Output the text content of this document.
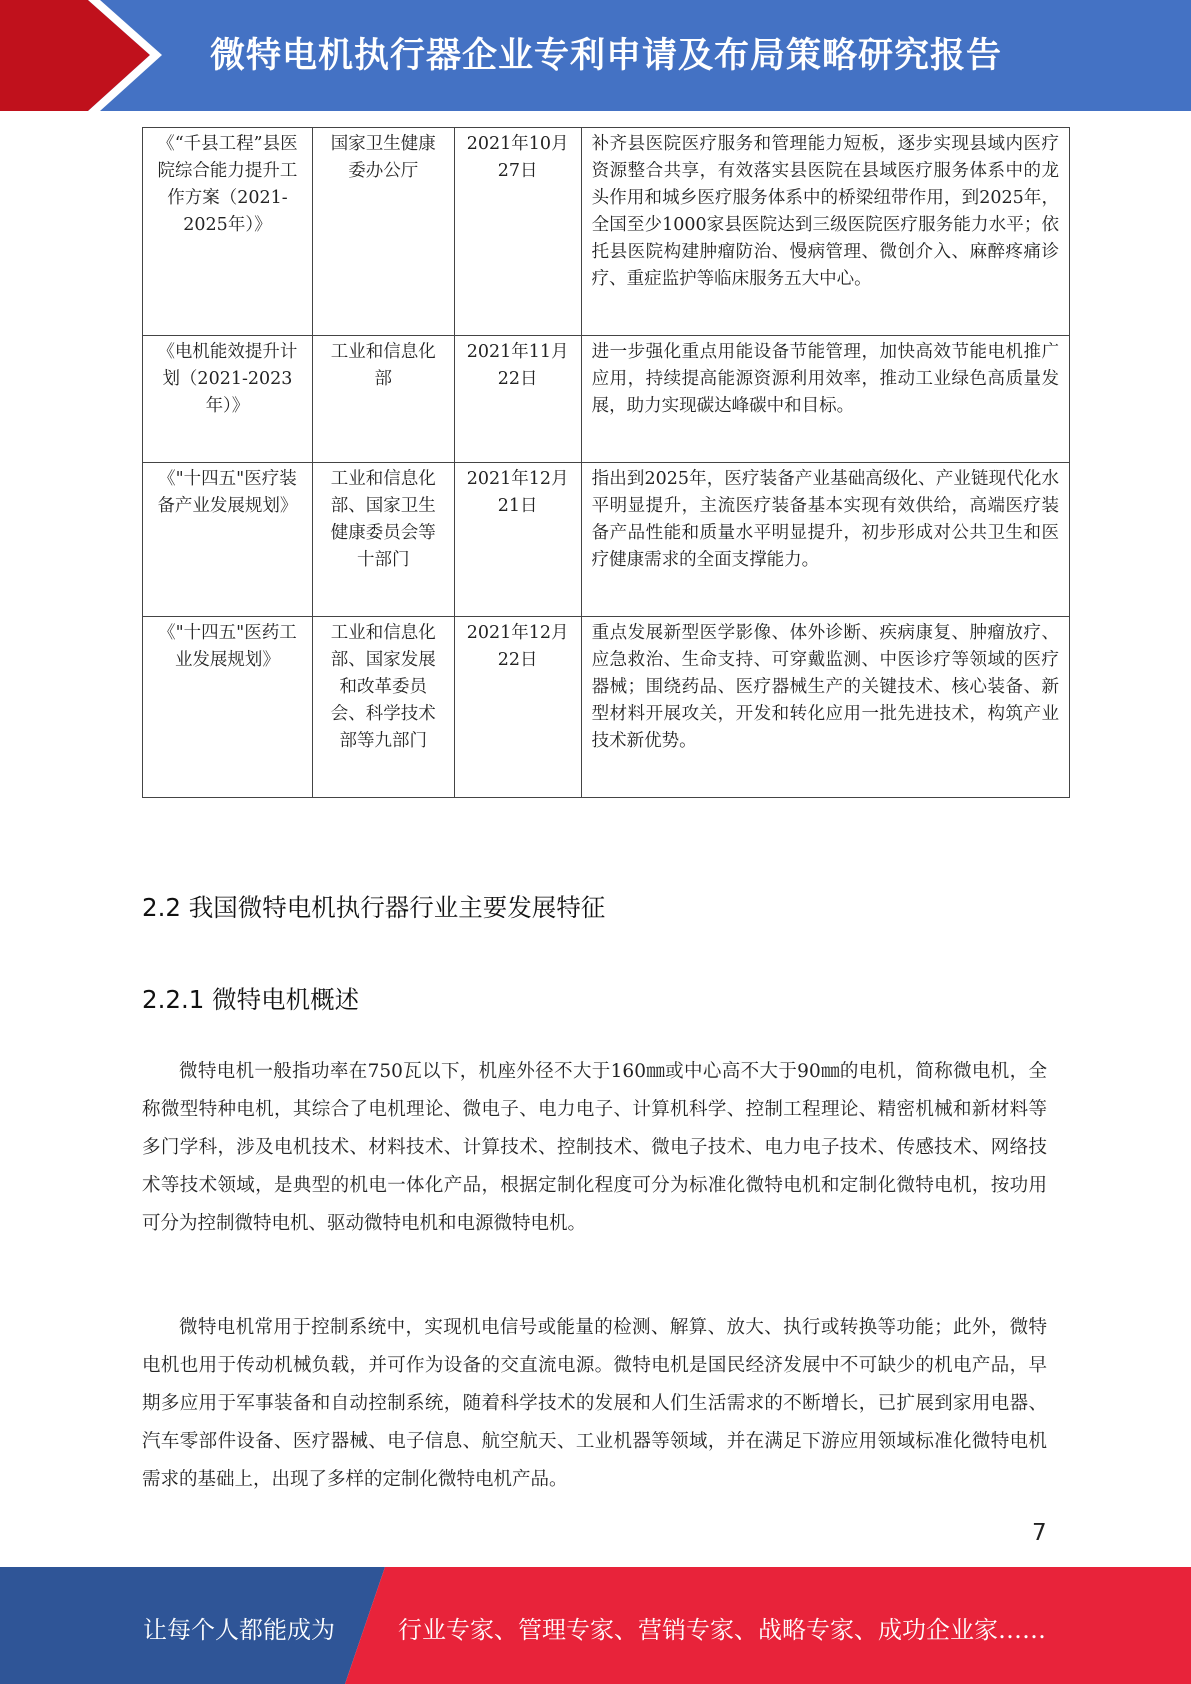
微特电机执行器企业专利申请及布局策略研究报告
《“千县工程”县医院综合能力提升工作方案（2021-2025年）》	国家卫生健康委办公厅	2021年10月27日	补齐县医院医疗服务和管理能力短板，逐步实现县域内医疗资源整合共享，有效落实县医院在县域医疗服务体系中的龙头作用和城乡医疗服务体系中的桥梁纽带作用，到2025年，全国至少1000家县医院达到三级医院医疗服务能力水平；依托县医院构建肿瘤防治、慢病管理、微创介入、麻醉疼痛诊疗、重症监护等临床服务五大中心。
《电机能效提升计划（2021-2023年）》	工业和信息化部	2021年11月22日	进一步强化重点用能设备节能管理，加快高效节能电机推广应用，持续提高能源资源利用效率，推动工业绿色高质量发展，助力实现碳达峰碳中和目标。
《"十四五"医疗装备产业发展规划》	工业和信息化部、国家卫生健康委员会等十部门	2021年12月21日	指出到2025年，医疗装备产业基础高级化、产业链现代化水平明显提升，主流医疗装备基本实现有效供给，高端医疗装备产品性能和质量水平明显提升，初步形成对公共卫生和医疗健康需求的全面支撑能力。
《"十四五"医药工业发展规划》	工业和信息化部、国家发展和改革委员会、科学技术部等九部门	2021年12月22日	重点发展新型医学影像、体外诊断、疾病康复、肿瘤放疗、应急救治、生命支持、可穿戴监测、中医诊疗等领域的医疗器械；围绕药品、医疗器械生产的关键技术、核心装备、新型材料开展攻关，开发和转化应用一批先进技术，构筑产业技术新优势。
2.2 我国微特电机执行器行业主要发展特征
2.2.1 微特电机概述

微特电机一般指功率在750瓦以下，机座外径不大于160㎜或中心高不大于90㎜的电机，简称微电机，全称微型特种电机，其综合了电机理论、微电子、电力电子、计算机科学、控制工程理论、精密机械和新材料等多门学科，涉及电机技术、材料技术、计算技术、控制技术、微电子技术、电力电子技术、传感技术、网络技术等技术领域，是典型的机电一体化产品，根据定制化程度可分为标准化微特电机和定制化微特电机，按功用可分为控制微特电机、驱动微特电机和电源微特电机。

微特电机常用于控制系统中，实现机电信号或能量的检测、解算、放大、执行或转换等功能；此外，微特电机也用于传动机械负载，并可作为设备的交直流电源。微特电机是国民经济发展中不可缺少的机电产品，早期多应用于军事装备和自动控制系统，随着科学技术的发展和人们生活需求的不断增长，已扩展到家用电器、汽车零部件设备、医疗器械、电子信息、航空航天、工业机器等领域，并在满足下游应用领域标准化微特电机需求的基础上，出现了多样的定制化微特电机产品。

7
让每个人都能成为	行业专家、管理专家、营销专家、战略专家、成功企业家……
